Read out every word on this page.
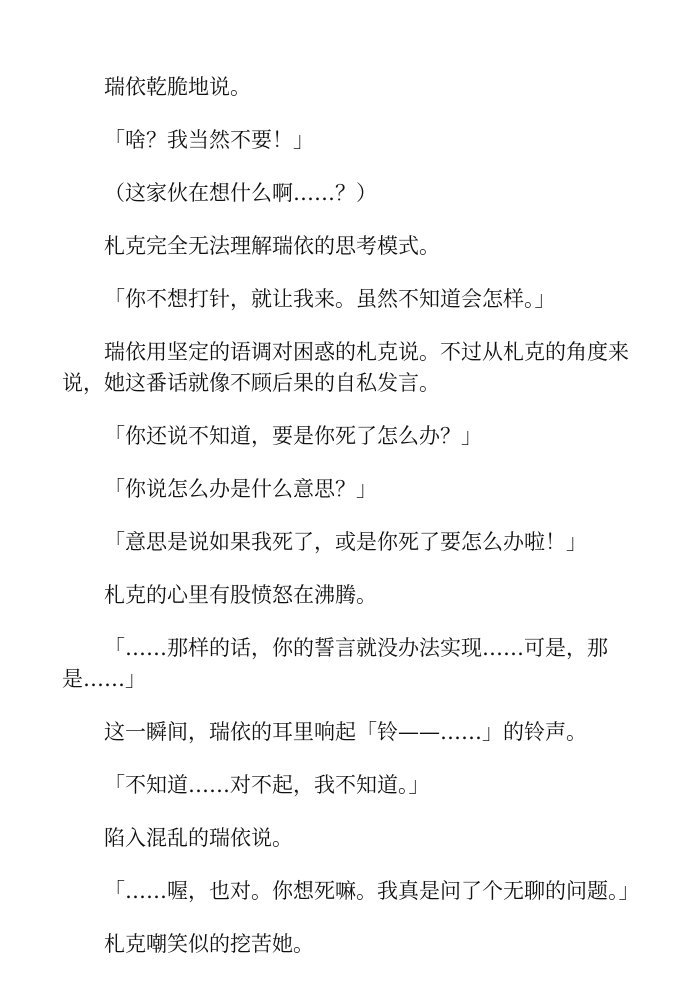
瑞依乾脆地说。

「啥？我当然不要！」

（这家伙在想什么啊……？）

札克完全无法理解瑞依的思考模式。

「你不想打针，就让我来。虽然不知道会怎样。」

瑞依用坚定的语调对困惑的札克说。不过从札克的角度来说，她这番话就像不顾后果的自私发言。

「你还说不知道，要是你死了怎么办？」

「你说怎么办是什么意思？」

「意思是说如果我死了，或是你死了要怎么办啦！」

札克的心里有股愤怒在沸腾。

「……那样的话，你的誓言就没办法实现……可是，那是……」

这一瞬间，瑞依的耳里响起「铃——……」的铃声。

「不知道……对不起，我不知道。」

陷入混乱的瑞依说。

「……喔，也对。你想死嘛。我真是问了个无聊的问题。」

札克嘲笑似的挖苦她。
